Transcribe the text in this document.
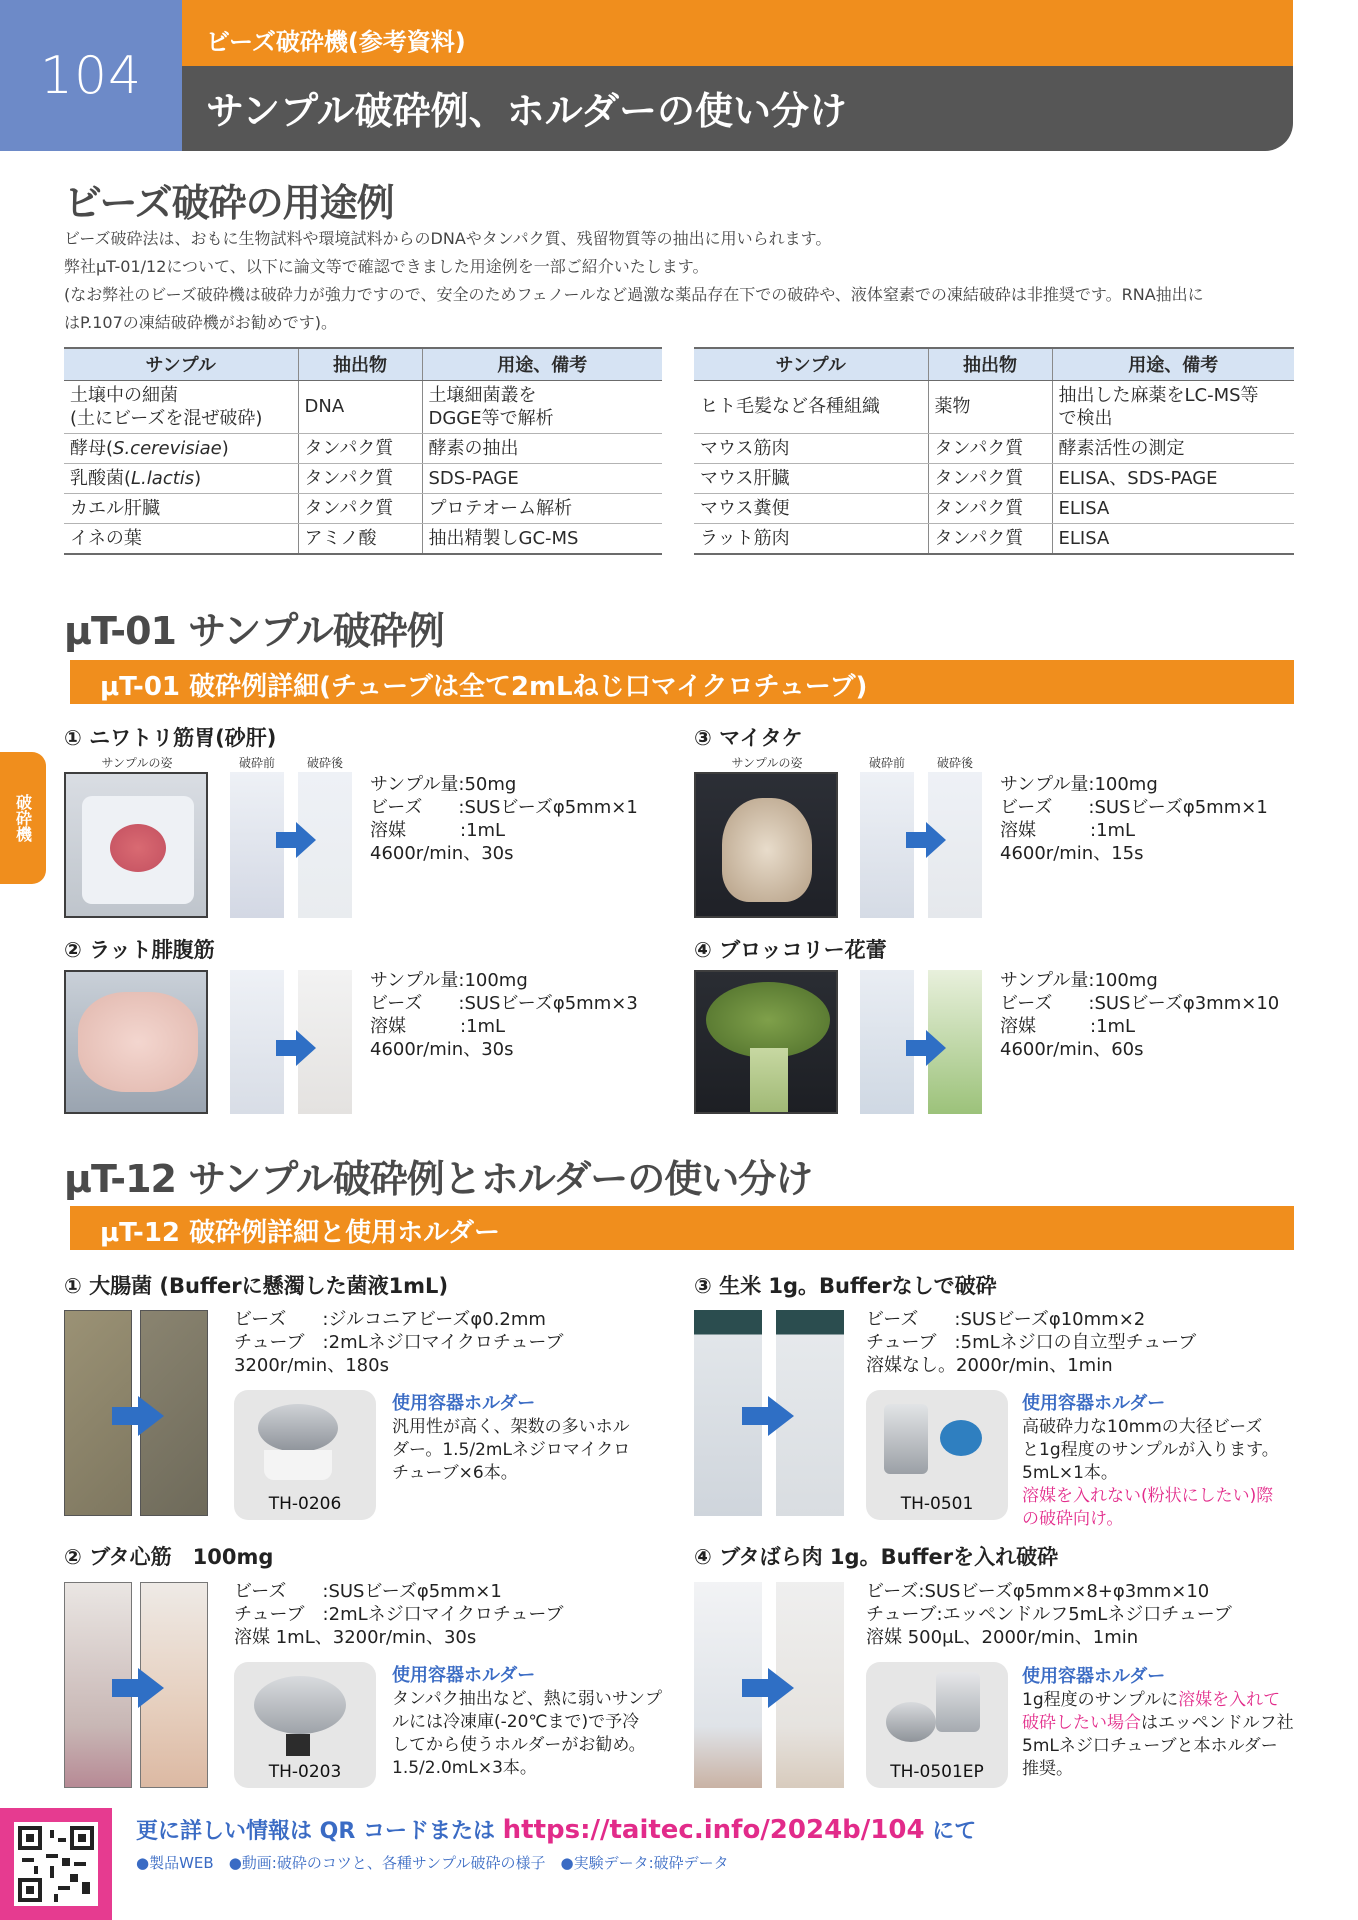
104
ビーズ破砕機(参考資料)
サンプル破砕例、ホルダーの使い分け
破砕機
ビーズ破砕の用途例
ビーズ破砕法は、おもに生物試料や環境試料からのDNAやタンパク質、残留物質等の抽出に用いられます。
弊社μT-01/12について、以下に論文等で確認できました用途例を一部ご紹介いたします。
(なお弊社のビーズ破砕機は破砕力が強力ですので、安全のためフェノールなど過激な薬品存在下での破砕や、液体窒素での凍結破砕は非推奨です。RNA抽出に
はP.107の凍結破砕機がお勧めです)。
サンプル	抽出物	用途、備考
土壌中の細菌
(土にビーズを混ぜ破砕)	DNA	土壌細菌叢を
DGGE等で解析
酵母(S.cerevisiae)	タンパク質	酵素の抽出
乳酸菌(L.lactis)	タンパク質	SDS-PAGE
カエル肝臓	タンパク質	プロテオーム解析
イネの葉	アミノ酸	抽出精製しGC-MS
サンプル	抽出物	用途、備考
ヒト毛髪など各種組織	薬物	抽出した麻薬をLC-MS等
で検出
マウス筋肉	タンパク質	酵素活性の測定
マウス肝臓	タンパク質	ELISA、SDS-PAGE
マウス糞便	タンパク質	ELISA
ラット筋肉	タンパク質	ELISA
μT-01 サンプル破砕例
μT-01 破砕例詳細(チューブは全て2mLねじ口マイクロチューブ)
① ニワトリ筋胃(砂肝)
サンプルの姿	破砕前	破砕後
サンプル量:50mg
ビーズ　　:SUSビーズφ5mm×1
溶媒　　　:1mL
4600r/min、30s
② ラット腓腹筋
サンプル量:100mg
ビーズ　　:SUSビーズφ5mm×3
溶媒　　　:1mL
4600r/min、30s
③ マイタケ
サンプルの姿	破砕前	破砕後
サンプル量:100mg
ビーズ　　:SUSビーズφ5mm×1
溶媒　　　:1mL
4600r/min、15s
④ ブロッコリー花蕾
サンプル量:100mg
ビーズ　　:SUSビーズφ3mm×10
溶媒　　　:1mL
4600r/min、60s
μT-12 サンプル破砕例とホルダーの使い分け
μT-12 破砕例詳細と使用ホルダー
① 大腸菌 (Bufferに懸濁した菌液1mL)
ビーズ　　:ジルコニアビーズφ0.2mm
チューブ　:2mLネジ口マイクロチューブ
3200r/min、180s
TH-0206
使用容器ホルダー
汎用性が高く、架数の多いホル
ダー。1.5/2mLネジロマイクロ
チューブ×6本。
② ブタ心筋　100mg
ビーズ　　:SUSビーズφ5mm×1
チューブ　:2mLネジ口マイクロチューブ
溶媒 1mL、3200r/min、30s
TH-0203
使用容器ホルダー
タンパク抽出など、熱に弱いサンプ
ルには冷凍庫(-20℃まで)で予冷
してから使うホルダーがお勧め。
1.5/2.0mL×3本。
③ 生米 1g。Bufferなしで破砕
ビーズ　　:SUSビーズφ10mm×2
チューブ　:5mLネジ口の自立型チューブ
溶媒なし。2000r/min、1min
TH-0501
使用容器ホルダー
高破砕力な10mmの大径ビーズ
と1g程度のサンプルが入ります。
5mL×1本。
溶媒を入れない(粉状にしたい)際
の破砕向け。
④ ブタばら肉 1g。Bufferを入れ破砕
ビーズ:SUSビーズφ5mm×8+φ3mm×10
チューブ:エッペンドルフ5mLネジ口チューブ
溶媒 500μL、2000r/min、1min
TH-0501EP
使用容器ホルダー
1g程度のサンプルに溶媒を入れて
破砕したい場合はエッペンドルフ社
5mLネジ口チューブと本ホルダー
推奨。
更に詳しい情報は QR コードまたは https://taitec.info/2024b/104 にて
●製品WEB　●動画:破砕のコツと、各種サンプル破砕の様子　●実験データ:破砕データ
